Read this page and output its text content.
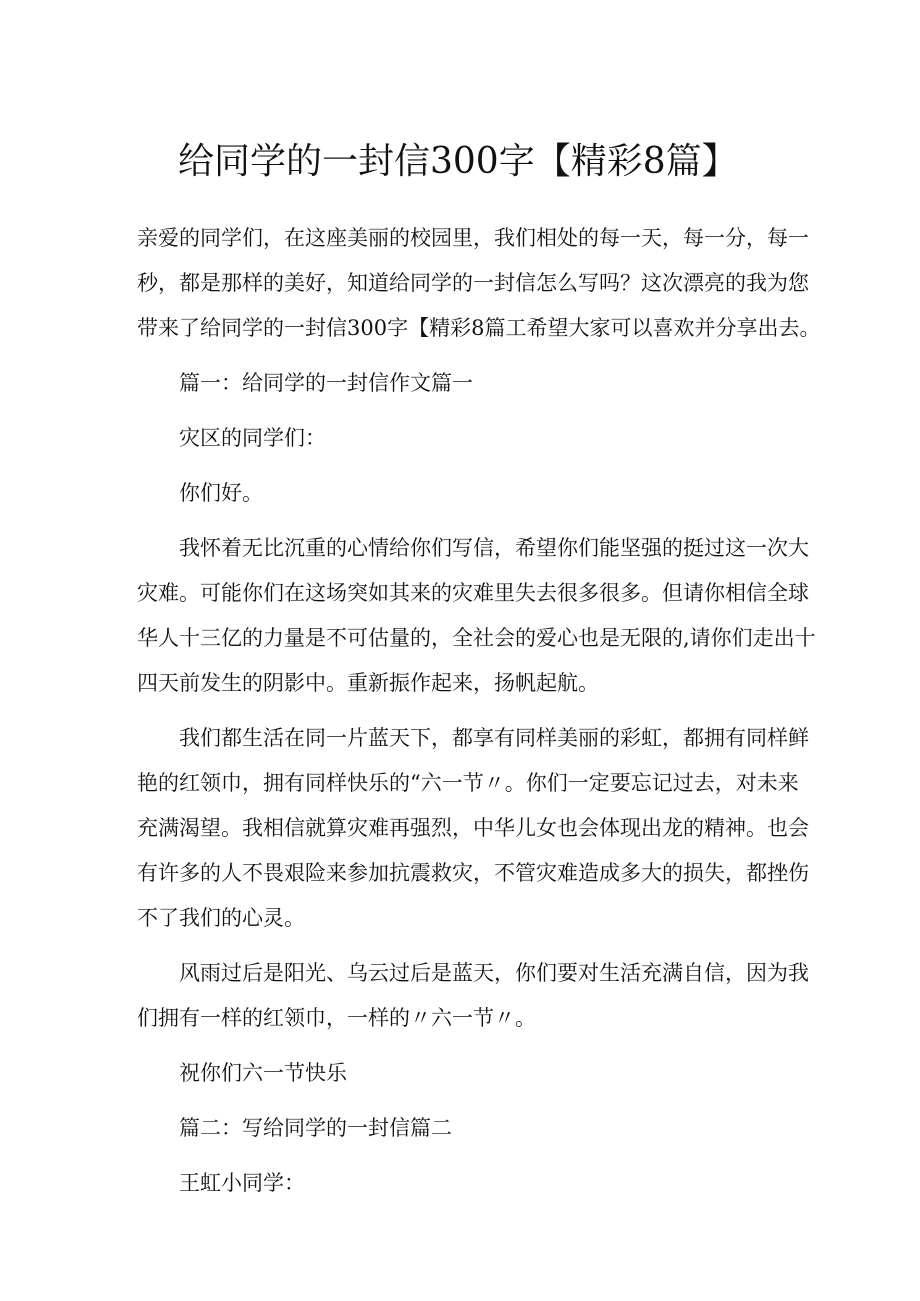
给同学的一封信300字【精彩8篇】
亲爱的同学们，在这座美丽的校园里，我们相处的每一天，每一分，每一
秒，都是那样的美好，知道给同学的一封信怎么写吗？这次漂亮的我为您
带来了给同学的一封信300字【精彩8篇工希望大家可以喜欢并分享出去。
篇一：给同学的一封信作文篇一
灾区的同学们：
你们好。
我怀着无比沉重的心情给你们写信，希望你们能坚强的挺过这一次大
灾难。可能你们在这场突如其来的灾难里失去很多很多。但请你相信全球
华人十三亿的力量是不可估量的，全社会的爱心也是无限的,请你们走出十
四天前发生的阴影中。重新振作起来，扬帆起航。
我们都生活在同一片蓝天下，都享有同样美丽的彩虹，都拥有同样鲜
艳的红领巾，拥有同样快乐的“六一节〃。你们一定要忘记过去，对未来
充满渴望。我相信就算灾难再强烈，中华儿女也会体现出龙的精神。也会
有许多的人不畏艰险来参加抗震救灾，不管灾难造成多大的损失，都挫伤
不了我们的心灵。
风雨过后是阳光、乌云过后是蓝天，你们要对生活充满自信，因为我
们拥有一样的红领巾，一样的〃六一节〃。
祝你们六一节快乐
篇二：写给同学的一封信篇二
王虹小同学：
